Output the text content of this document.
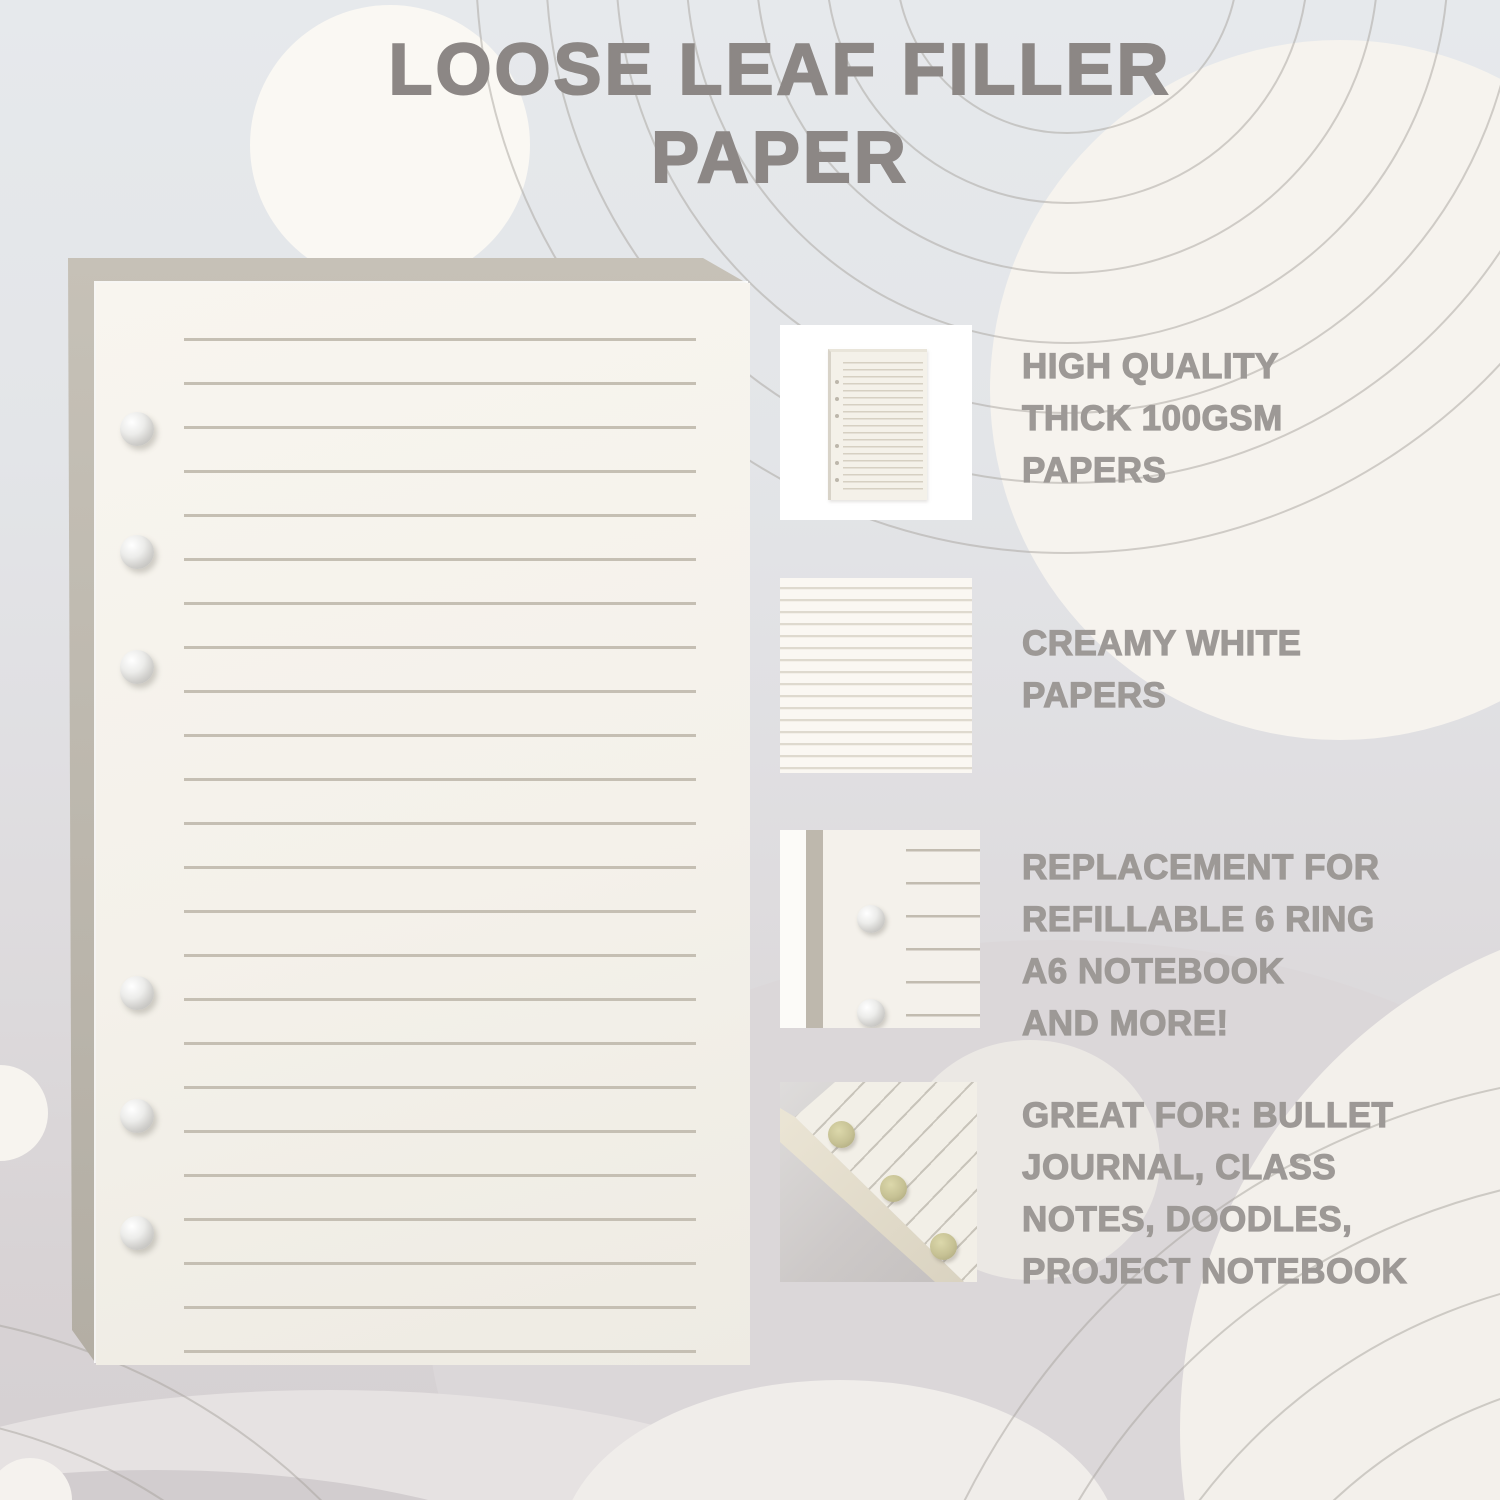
LOOSE LEAF FILLER
PAPER
HIGH QUALITY
THICK 100GSM
PAPERS
CREAMY WHITE
PAPERS
REPLACEMENT FOR
REFILLABLE 6 RING
A6 NOTEBOOK
AND MORE!
GREAT FOR: BULLET
JOURNAL, CLASS
NOTES, DOODLES,
PROJECT NOTEBOOK
